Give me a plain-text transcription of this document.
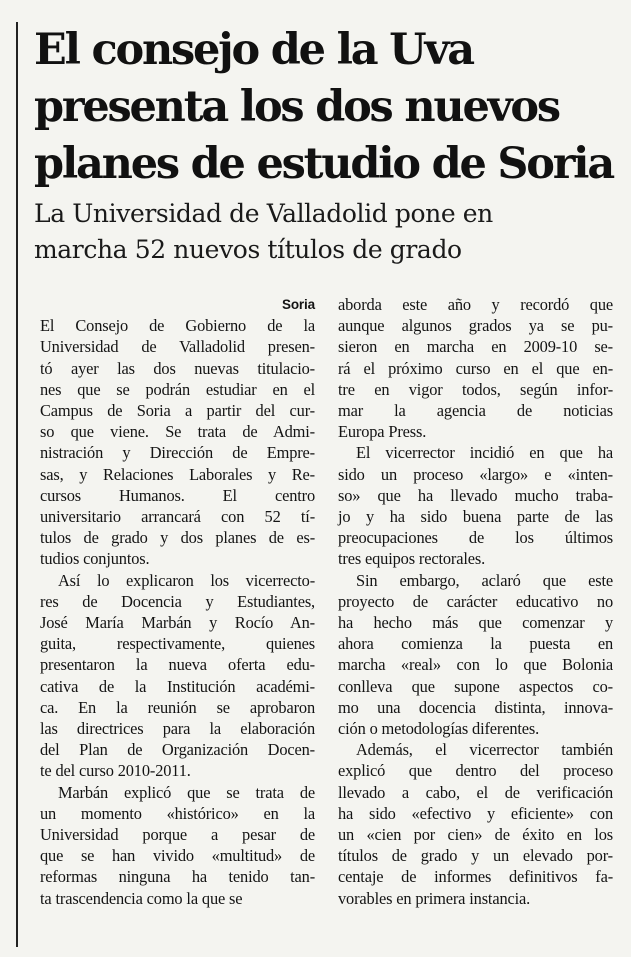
El consejo de la Uva
presenta los dos nuevos
planes de estudio de Soria
La Universidad de Valladolid pone en
marcha 52 nuevos títulos de grado
Soria

El Consejo de Gobierno de la
Universidad de Valladolid presen-
tó ayer las dos nuevas titulacio-
nes que se podrán estudiar en el
Campus de Soria a partir del cur-
so que viene. Se trata de Admi-
nistración y Dirección de Empre-
sas, y Relaciones Laborales y Re-
cursos Humanos. El centro
universitario arrancará con 52 tí-
tulos de grado y dos planes de es-
tudios conjuntos.

Así lo explicaron los vicerrecto-
res de Docencia y Estudiantes,
José María Marbán y Rocío An-
guita, respectivamente, quienes
presentaron la nueva oferta edu-
cativa de la Institución académi-
ca. En la reunión se aprobaron
las directrices para la elaboración
del Plan de Organización Docen-
te del curso 2010-2011.

Marbán explicó que se trata de
un momento «histórico» en la
Universidad porque a pesar de
que se han vivido «multitud» de
reformas ninguna ha tenido tan-
ta trascendencia como la que se

aborda este año y recordó que
aunque algunos grados ya se pu-
sieron en marcha en 2009-10 se-
rá el próximo curso en el que en-
tre en vigor todos, según infor-
mar la agencia de noticias
Europa Press.

El vicerrector incidió en que ha
sido un proceso «largo» e «inten-
so» que ha llevado mucho traba-
jo y ha sido buena parte de las
preocupaciones de los últimos
tres equipos rectorales.

Sin embargo, aclaró que este
proyecto de carácter educativo no
ha hecho más que comenzar y
ahora comienza la puesta en
marcha «real» con lo que Bolonia
conlleva que supone aspectos co-
mo una docencia distinta, innova-
ción o metodologías diferentes.

Además, el vicerrector también
explicó que dentro del proceso
llevado a cabo, el de verificación
ha sido «efectivo y eficiente» con
un «cien por cien» de éxito en los
títulos de grado y un elevado por-
centaje de informes definitivos fa-
vorables en primera instancia.
